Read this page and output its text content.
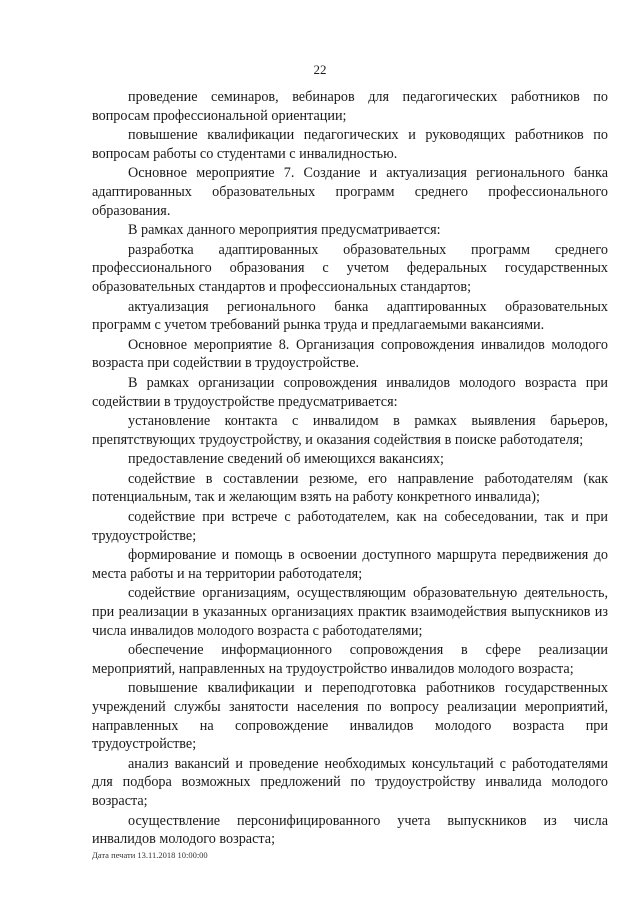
22

проведение семинаров, вебинаров для педагогических работников по вопросам профессиональной ориентации;

повышение квалификации педагогических и руководящих работников по вопросам работы со студентами с инвалидностью.

Основное мероприятие 7. Создание и актуализация регионального банка адаптированных образовательных программ среднего профессионального образования.

В рамках данного мероприятия предусматривается:

разработка адаптированных образовательных программ среднего профессионального образования с учетом федеральных государственных образовательных стандартов и профессиональных стандартов;

актуализация регионального банка адаптированных образовательных программ с учетом требований рынка труда и предлагаемыми вакансиями.

Основное мероприятие 8. Организация сопровождения инвалидов молодого возраста при содействии в трудоустройстве.

В рамках организации сопровождения инвалидов молодого возраста при содействии в трудоустройстве предусматривается:

установление контакта с инвалидом в рамках выявления барьеров, препятствующих трудоустройству, и оказания содействия в поиске работодателя;

предоставление сведений об имеющихся вакансиях;

содействие в составлении резюме, его направление работодателям (как потенциальным, так и желающим взять на работу конкретного инвалида);

содействие при встрече с работодателем, как на собеседовании, так и при трудоустройстве;

формирование и помощь в освоении доступного маршрута передвижения до места работы и на территории работодателя;

содействие организациям, осуществляющим образовательную деятельность, при реализации в указанных организациях практик взаимодействия выпускников из числа инвалидов молодого возраста с работодателями;

обеспечение информационного сопровождения в сфере реализации мероприятий, направленных на трудоустройство инвалидов молодого возраста;

повышение квалификации и переподготовка работников государственных учреждений службы занятости населения по вопросу реализации мероприятий, направленных на сопровождение инвалидов молодого возраста при трудоустройстве;

анализ вакансий и проведение необходимых консультаций с работодателями для подбора возможных предложений по трудоустройству инвалида молодого возраста;

осуществление персонифицированного учета выпускников из числа инвалидов молодого возраста;

Дата печати 13.11.2018 10:00:00
